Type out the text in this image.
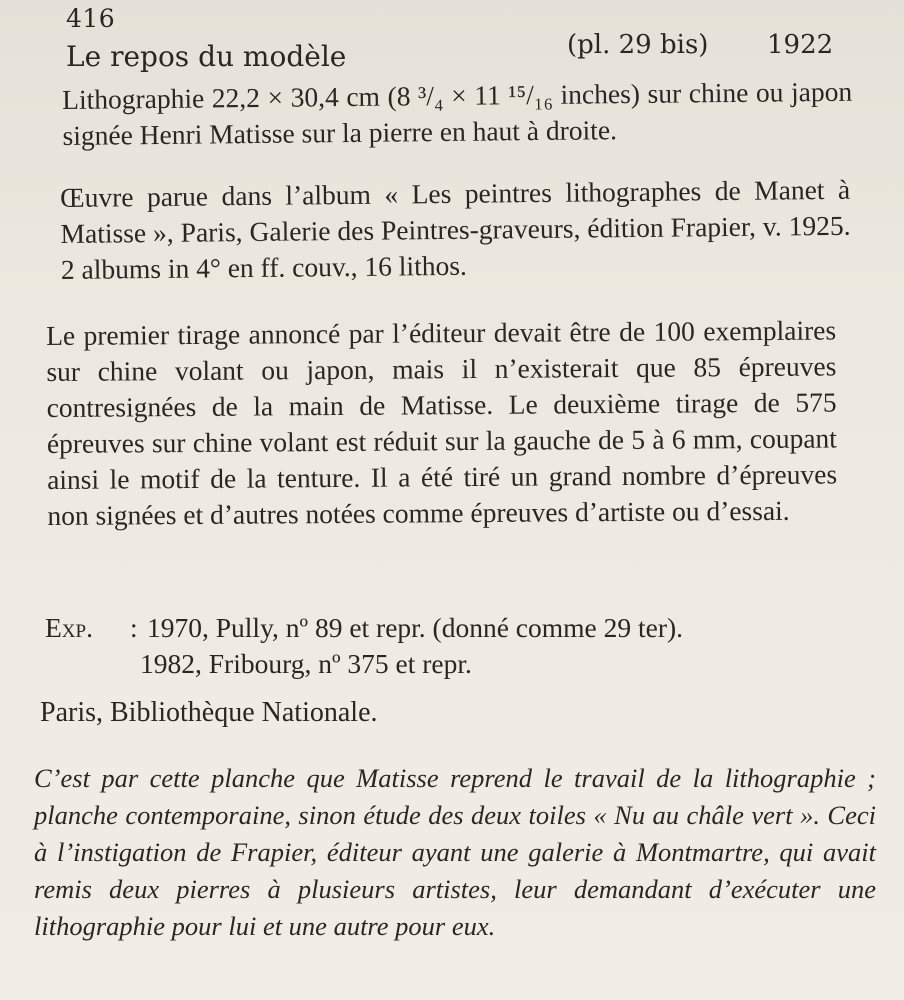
416
Le repos du modèle	(pl. 29 bis) 1922

Lithographie 22,2 × 30,4 cm (8 ³/₄ × 11 ¹⁵/₁₆ inches) sur chine ou japon signée Henri Matisse sur la pierre en haut à droite.

Œuvre parue dans l’album « Les peintres lithographes de Manet à Matisse », Paris, Galerie des Peintres-graveurs, édition Frapier, v. 1925. 2 albums in 4° en ff. couv., 16 lithos.

Le premier tirage annoncé par l’éditeur devait être de 100 exemplaires sur chine volant ou japon, mais il n’existerait que 85 épreuves contresignées de la main de Matisse. Le deuxième tirage de 575 épreuves sur chine volant est réduit sur la gauche de 5 à 6 mm, coupant ainsi le motif de la tenture. Il a été tiré un grand nombre d’épreuves non signées et d’autres notées comme épreuves d’artiste ou d’essai.

Exp. : 1970, Pully, nº 89 et repr. (donné comme 29 ter).
1982, Fribourg, nº 375 et repr.
Paris, Bibliothèque Nationale.

C’est par cette planche que Matisse reprend le travail de la lithographie ; planche contemporaine, sinon étude des deux toiles « Nu au châle vert ». Ceci à l’instigation de Frapier, éditeur ayant une galerie à Montmartre, qui avait remis deux pierres à plusieurs artistes, leur demandant d’exécuter une lithographie pour lui et une autre pour eux.
